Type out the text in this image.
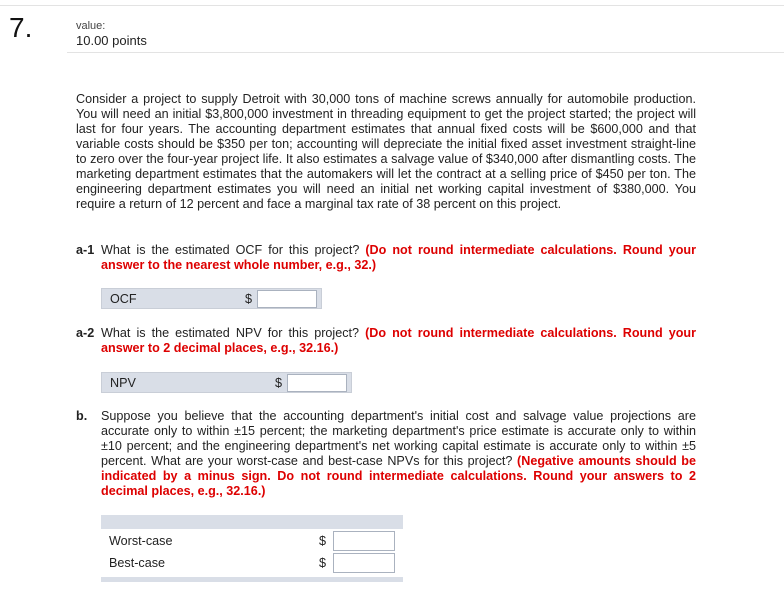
7.	value:
10.00 points

Consider a project to supply Detroit with 30,000 tons of machine screws annually for automobile production. You will need an initial $3,800,000 investment in threading equipment to get the project started; the project will last for four years. The accounting department estimates that annual fixed costs will be $600,000 and that variable costs should be $350 per ton; accounting will depreciate the initial fixed asset investment straight-line to zero over the four-year project life. It also estimates a salvage value of $340,000 after dismantling costs. The marketing department estimates that the automakers will let the contract at a selling price of $450 per ton. The engineering department estimates you will need an initial net working capital investment of $380,000. You require a return of 12 percent and face a marginal tax rate of 38 percent on this project.

a-1 What is the estimated OCF for this project? (Do not round intermediate calculations. Round your answer to the nearest whole number, e.g., 32.)

OCF	$
a-2 What is the estimated NPV for this project? (Do not round intermediate calculations. Round your answer to 2 decimal places, e.g., 32.16.)

NPV	$
b. Suppose you believe that the accounting department's initial cost and salvage value projections are accurate only to within ±15 percent; the marketing department's price estimate is accurate only to within ±10 percent; and the engineering department's net working capital estimate is accurate only to within ±5 percent. What are your worst-case and best-case NPVs for this project? (Negative amounts should be indicated by a minus sign. Do not round intermediate calculations. Round your answers to 2 decimal places, e.g., 32.16.)

Worst-case	$
Best-case	$
